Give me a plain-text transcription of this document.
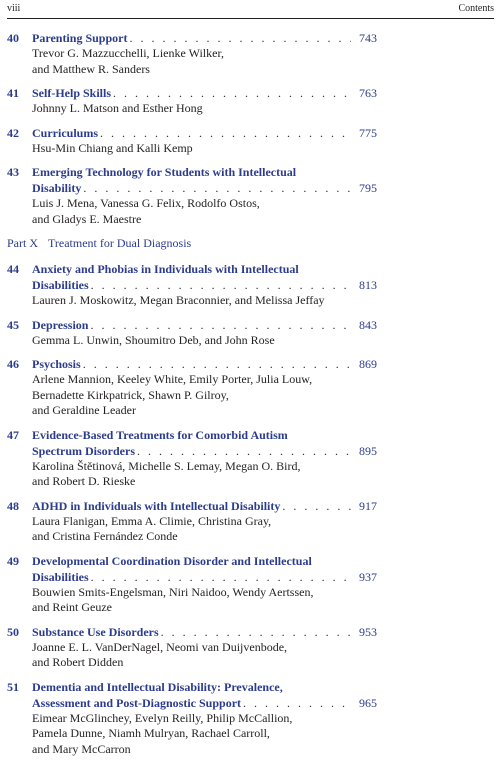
viii	Contents
40	Parenting Support . . .	743
Trevor G. Mazzucchelli, Lienke Wilker,
and Matthew R. Sanders
41	Self-Help Skills . . .	763
Johnny L. Matson and Esther Hong
42	Curriculums . . .	775
Hsu-Min Chiang and Kalli Kemp
43	Emerging Technology for Students with Intellectual
Disability . . .	795
Luis J. Mena, Vanessa G. Felix, Rodolfo Ostos,
and Gladys E. Maestre
Part X Treatment for Dual Diagnosis
44	Anxiety and Phobias in Individuals with Intellectual
Disabilities . . .	813
Lauren J. Moskowitz, Megan Braconnier, and Melissa Jeffay
45	Depression . . .	843
Gemma L. Unwin, Shoumitro Deb, and John Rose
46	Psychosis . . .	869
Arlene Mannion, Keeley White, Emily Porter, Julia Louw,
Bernadette Kirkpatrick, Shawn P. Gilroy,
and Geraldine Leader
47	Evidence-Based Treatments for Comorbid Autism
Spectrum Disorders . . .	895
Karolina Štětinová, Michelle S. Lemay, Megan O. Bird,
and Robert D. Rieske
48	ADHD in Individuals with Intellectual Disability . . .	917
Laura Flanigan, Emma A. Climie, Christina Gray,
and Cristina Fernández Conde
49	Developmental Coordination Disorder and Intellectual
Disabilities . . .	937
Bouwien Smits-Engelsman, Niri Naidoo, Wendy Aertssen,
and Reint Geuze
50	Substance Use Disorders . . .	953
Joanne E. L. VanDerNagel, Neomi van Duijvenbode,
and Robert Didden
51	Dementia and Intellectual Disability: Prevalence,
Assessment and Post-Diagnostic Support . . .	965
Eimear McGlinchey, Evelyn Reilly, Philip McCallion,
Pamela Dunne, Niamh Mulryan, Rachael Carroll,
and Mary McCarron
